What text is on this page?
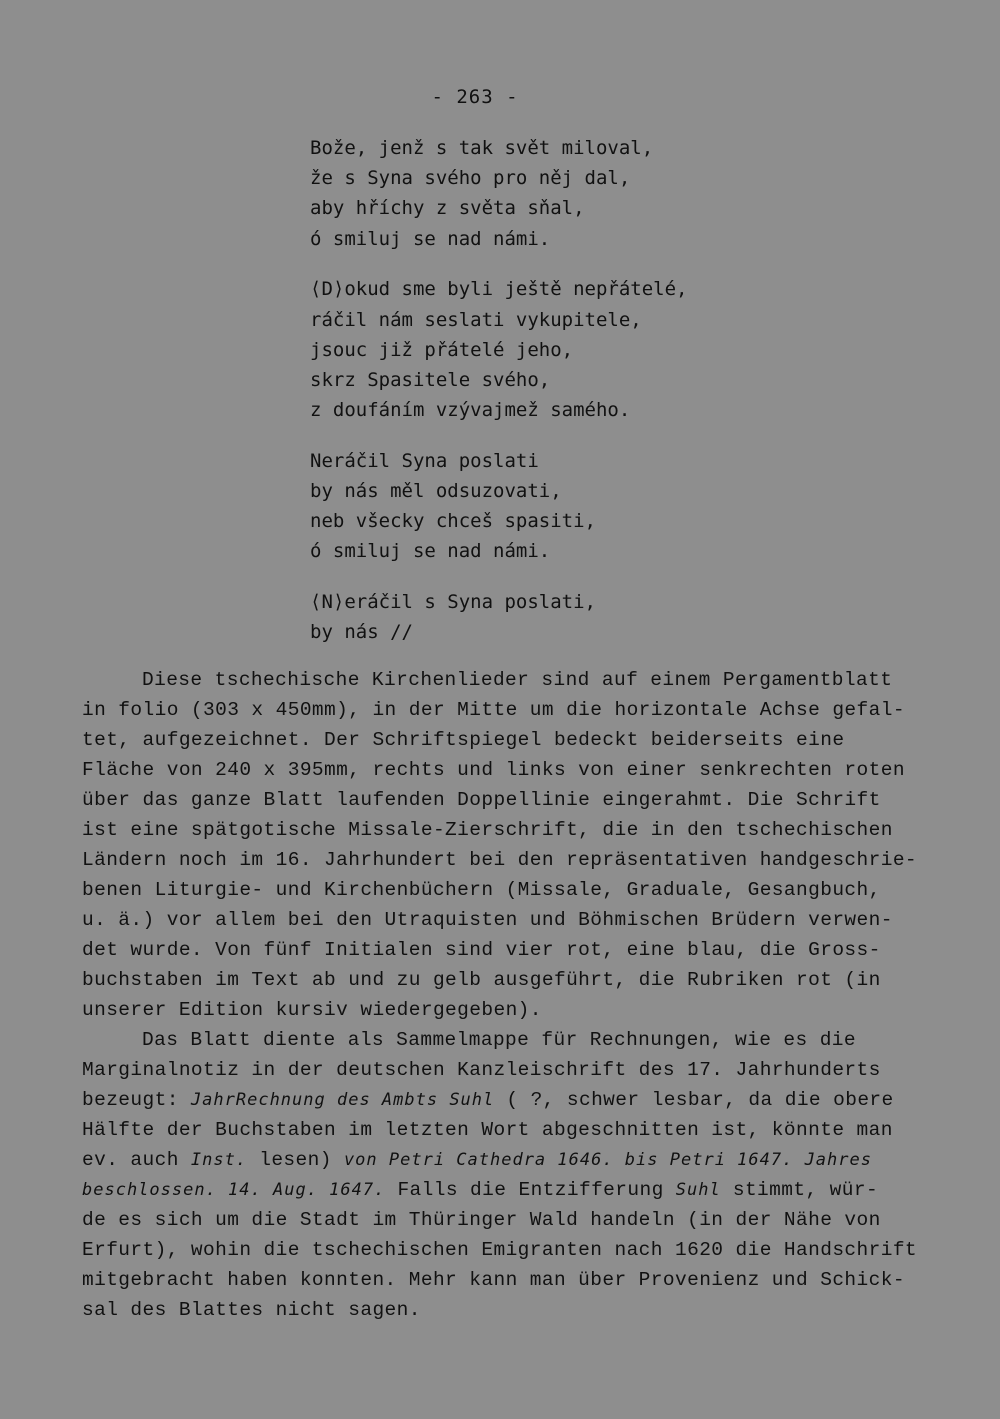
- 263 -
Bože, jenž s tak svět miloval,
že s Syna svého pro něj dal,
aby hříchy z světa sňal,
ó smiluj se nad námi.
⟨D⟩okud sme byli ještě nepřátelé,
ráčil nám seslati vykupitele,
jsouc již přátelé jeho,
skrz Spasitele svého,
z doufáním vzývajmež samého.
Neráčil Syna poslati
by nás měl odsuzovati,
neb všecky chceš spasiti,
ó smiluj se nad námi.
⟨N⟩eráčil s Syna poslati,
by nás //
Diese tschechische Kirchenlieder sind auf einem Pergamentblatt
in folio (303 x 450mm), in der Mitte um die horizontale Achse gefal-
tet, aufgezeichnet. Der Schriftspiegel bedeckt beiderseits eine
Fläche von 240 x 395mm, rechts und links von einer senkrechten roten
über das ganze Blatt laufenden Doppellinie eingerahmt. Die Schrift
ist eine spätgotische Missale-Zierschrift, die in den tschechischen
Ländern noch im 16. Jahrhundert bei den repräsentativen handgeschrie-
benen Liturgie- und Kirchenbüchern (Missale, Graduale, Gesangbuch,
u. ä.) vor allem bei den Utraquisten und Böhmischen Brüdern verwen-
det wurde. Von fünf Initialen sind vier rot, eine blau, die Gross-
buchstaben im Text ab und zu gelb ausgeführt, die Rubriken rot (in
unserer Edition kursiv wiedergegeben).
Das Blatt diente als Sammelmappe für Rechnungen, wie es die
Marginalnotiz in der deutschen Kanzleischrift des 17. Jahrhunderts
bezeugt: JahrRechnung des Ambts Suhl ( ?, schwer lesbar, da die obere
Hälfte der Buchstaben im letzten Wort abgeschnitten ist, könnte man
ev. auch Inst. lesen) von Petri Cathedra 1646. bis Petri 1647. Jahres
beschlossen. 14. Aug. 1647. Falls die Entzifferung Suhl stimmt, wür-
de es sich um die Stadt im Thüringer Wald handeln (in der Nähe von
Erfurt), wohin die tschechischen Emigranten nach 1620 die Handschrift
mitgebracht haben konnten. Mehr kann man über Provenienz und Schick-
sal des Blattes nicht sagen.
